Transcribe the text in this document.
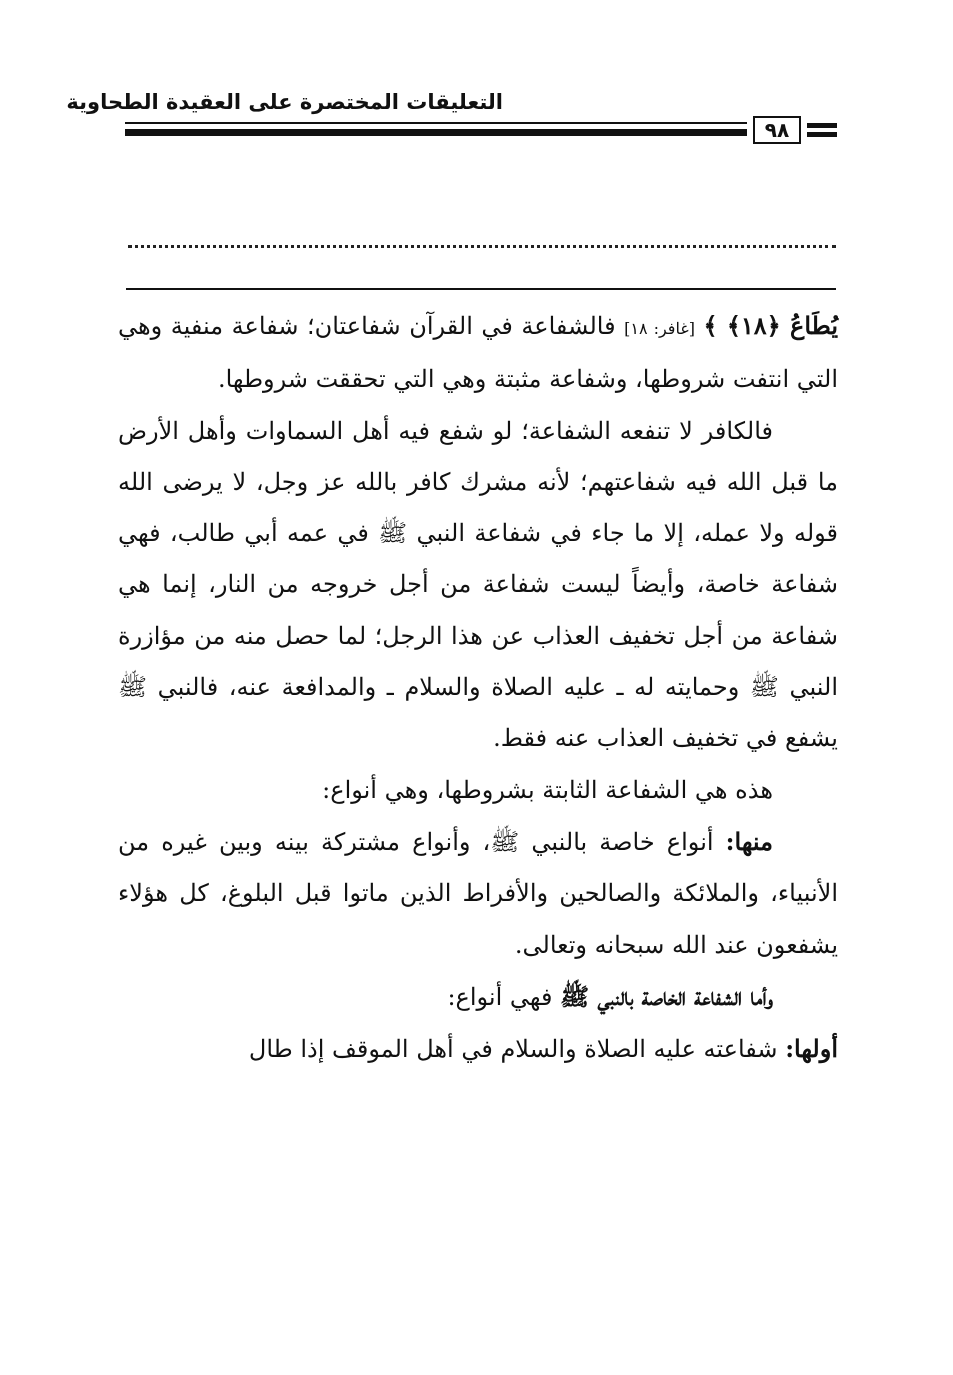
التعليقات المختصرة على العقيدة الطحاوية
٩٨

يُطَاعُ ﴿١٨﴾ ﴾ [غافر: ١٨] فالشفاعة في القرآن شفاعتان؛ شفاعة منفية وهي التي انتفت شروطها، وشفاعة مثبتة وهي التي تحققت شروطها.

فالكافر لا تنفعه الشفاعة؛ لو شفع فيه أهل السماوات وأهل الأرض ما قبل الله فيه شفاعتهم؛ لأنه مشرك كافر بالله عز وجل، لا يرضى الله قوله ولا عمله، إلا ما جاء في شفاعة النبي ﷺ في عمه أبي طالب، فهي شفاعة خاصة، وأيضاً ليست شفاعة من أجل خروجه من النار، إنما هي شفاعة من أجل تخفيف العذاب عن هذا الرجل؛ لما حصل منه من مؤازرة النبي ﷺ وحمايته له ـ عليه الصلاة والسلام ـ والمدافعة عنه، فالنبي ﷺ يشفع في تخفيف العذاب عنه فقط.

هذه هي الشفاعة الثابتة بشروطها، وهي أنواع:

منها: أنواع خاصة بالنبي ﷺ، وأنواع مشتركة بينه وبين غيره من الأنبياء، والملائكة والصالحين والأفراط الذين ماتوا قبل البلوغ، كل هؤلاء يشفعون عند الله سبحانه وتعالى.

وأما الشفاعة الخاصة بالنبي ﷺ فهي أنواع:

أولها: شفاعته عليه الصلاة والسلام في أهل الموقف إذا طال
